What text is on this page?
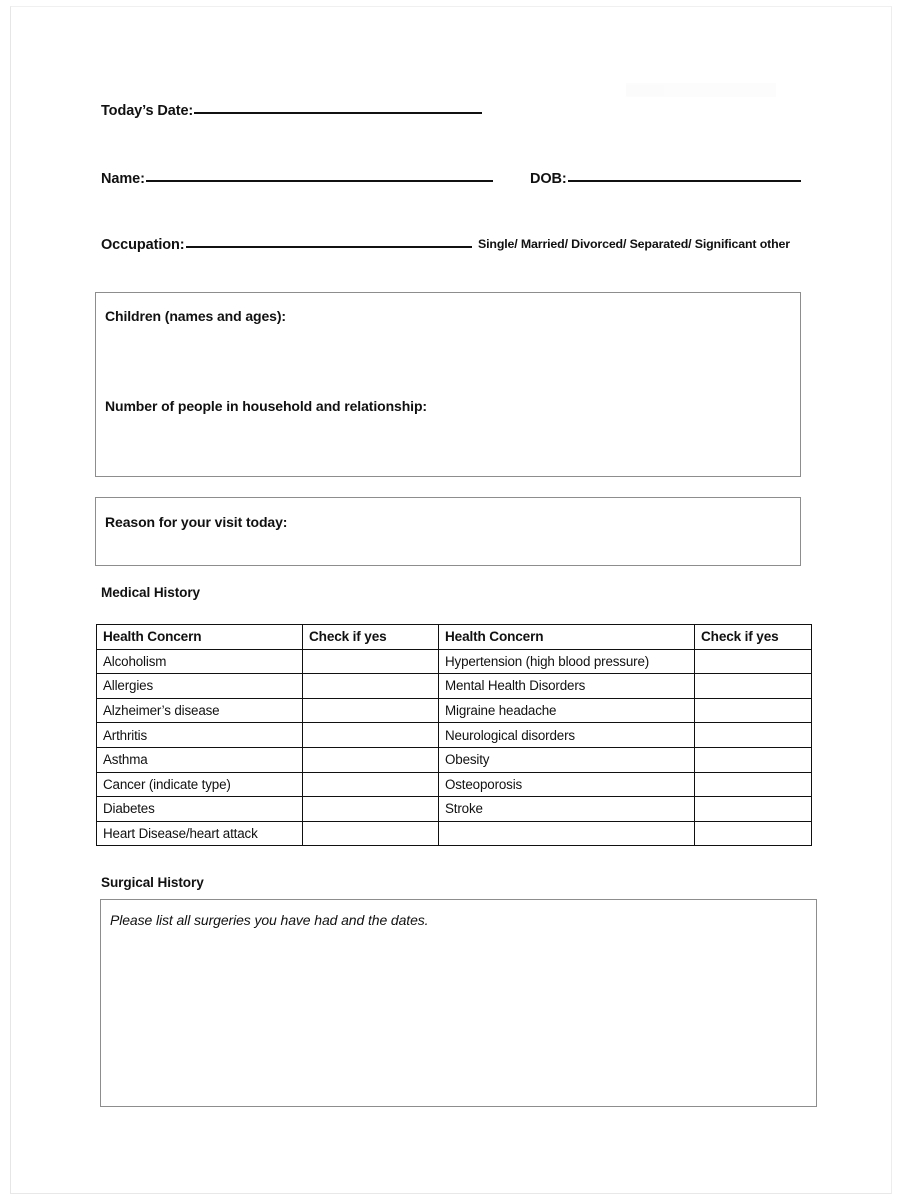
Today’s Date:
Name:	DOB:
Occupation:	Single/ Married/ Divorced/ Separated/ Significant other
Children (names and ages):
Number of people in household and relationship:
Reason for your visit today:
Medical History
Health Concern	Check if yes	Health Concern	Check if yes
Alcoholism		Hypertension (high blood pressure)	
Allergies		Mental Health Disorders	
Alzheimer’s disease		Migraine headache	
Arthritis		Neurological disorders	
Asthma		Obesity	
Cancer (indicate type)		Osteoporosis	
Diabetes		Stroke	
Heart Disease/heart attack			
Surgical History
Please list all surgeries you have had and the dates.
